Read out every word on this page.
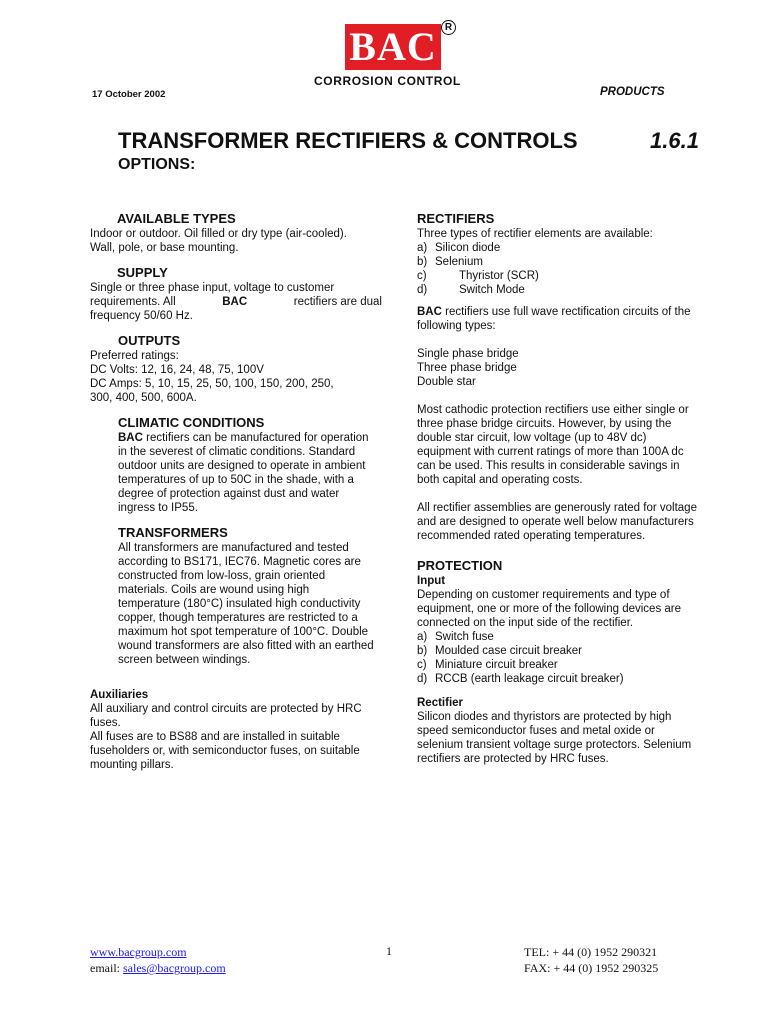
BAC R
CORROSION CONTROL
17 October 2002	PRODUCTS
TRANSFORMER RECTIFIERS & CONTROLS	1.6.1
OPTIONS:
AVAILABLE TYPES
Indoor or outdoor. Oil filled or dry type (air-cooled).
Wall, pole, or base mounting.
SUPPLY
Single or three phase input, voltage to customer
requirements. All	BAC	rectifiers are dual
frequency 50/60 Hz.
OUTPUTS
Preferred ratings:
DC Volts: 12, 16, 24, 48, 75, 100V
DC Amps: 5, 10, 15, 25, 50, 100, 150, 200, 250,
300, 400, 500, 600A.
CLIMATIC CONDITIONS
BAC rectifiers can be manufactured for operation
in the severest of climatic conditions. Standard
outdoor units are designed to operate in ambient
temperatures of up to 50C in the shade, with a
degree of protection against dust and water
ingress to IP55.
TRANSFORMERS
All transformers are manufactured and tested
according to BS171, IEC76. Magnetic cores are
constructed from low-loss, grain oriented
materials. Coils are wound using high
temperature (180°C) insulated high conductivity
copper, though temperatures are restricted to a
maximum hot spot temperature of 100°C. Double
wound transformers are also fitted with an earthed
screen between windings.
Auxiliaries
All auxiliary and control circuits are protected by HRC
fuses.
All fuses are to BS88 and are installed in suitable
fuseholders or, with semiconductor fuses, on suitable
mounting pillars.
RECTIFIERS
Three types of rectifier elements are available:
a) Silicon diode
b) Selenium
c)	Thyristor (SCR)
d)	Switch Mode
BAC rectifiers use full wave rectification circuits of the
following types:
Single phase bridge
Three phase bridge
Double star
Most cathodic protection rectifiers use either single or
three phase bridge circuits. However, by using the
double star circuit, low voltage (up to 48V dc)
equipment with current ratings of more than 100A dc
can be used. This results in considerable savings in
both capital and operating costs.
All rectifier assemblies are generously rated for voltage
and are designed to operate well below manufacturers
recommended rated operating temperatures.
PROTECTION
Input
Depending on customer requirements and type of
equipment, one or more of the following devices are
connected on the input side of the rectifier.
a) Switch fuse
b) Moulded case circuit breaker
c) Miniature circuit breaker
d) RCCB (earth leakage circuit breaker)
Rectifier
Silicon diodes and thyristors are protected by high
speed semiconductor fuses and metal oxide or
selenium transient voltage surge protectors. Selenium
rectifiers are protected by HRC fuses.
www.bacgroup.com
email: sales@bacgroup.com
1	TEL: + 44 (0) 1952 290321
FAX: + 44 (0) 1952 290325
